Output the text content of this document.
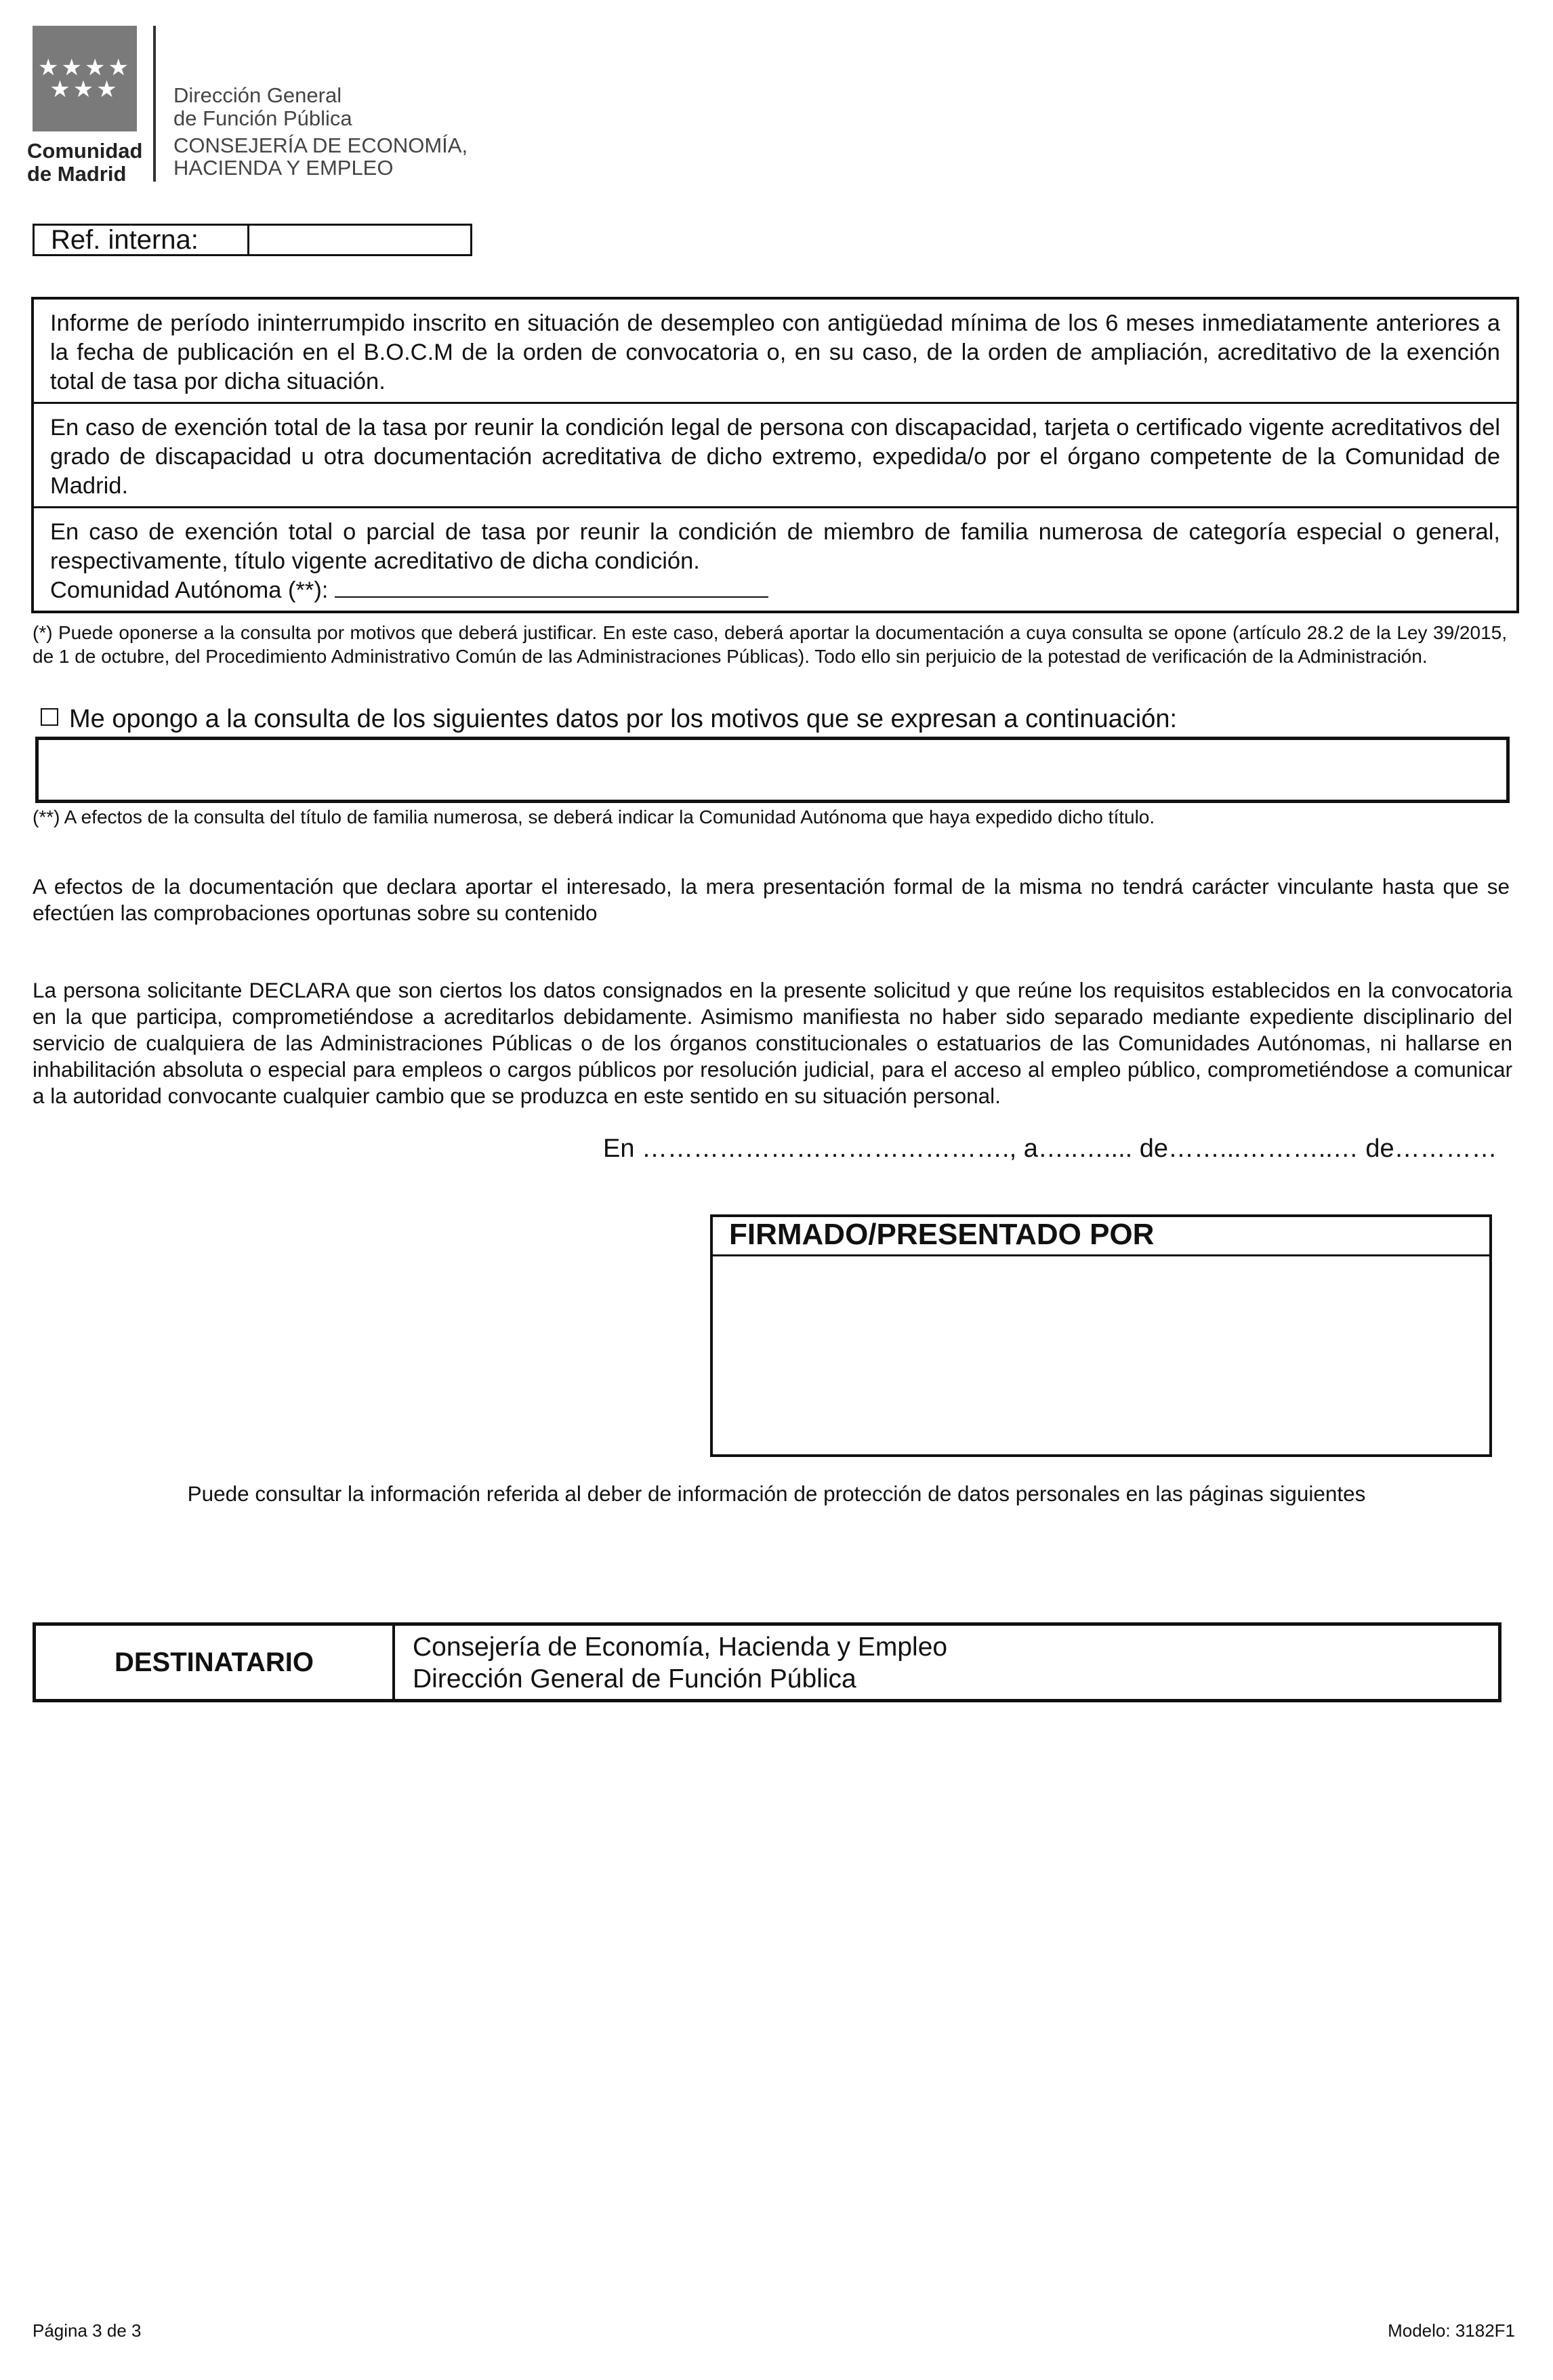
★★★★
★★★
Comunidad
de Madrid
Dirección General
de Función Pública
CONSEJERÍA DE ECONOMÍA,
HACIENDA Y EMPLEO
Ref. interna:
Informe de período ininterrumpido inscrito en situación de desempleo con antigüedad mínima de los 6 meses inmediatamente anteriores a la fecha de publicación en el B.O.C.M de la orden de convocatoria o, en su caso, de la orden de ampliación, acreditativo de la exención total de tasa por dicha situación.
En caso de exención total de la tasa por reunir la condición legal de persona con discapacidad, tarjeta o certificado vigente acreditativos del grado de discapacidad u otra documentación acreditativa de dicho extremo, expedida/o por el órgano competente de la Comunidad de Madrid.
En caso de exención total o parcial de tasa por reunir la condición de miembro de familia numerosa de categoría especial o general, respectivamente, título vigente acreditativo de dicha condición.
Comunidad Autónoma (**):
(*) Puede oponerse a la consulta por motivos que deberá justificar. En este caso, deberá aportar la documentación a cuya consulta se opone (artículo 28.2 de la Ley 39/2015, de 1 de octubre, del Procedimiento Administrativo Común de las Administraciones Públicas). Todo ello sin perjuicio de la potestad de verificación de la Administración.
Me opongo a la consulta de los siguientes datos por los motivos que se expresan a continuación:
(**) A efectos de la consulta del título de familia numerosa, se deberá indicar la Comunidad Autónoma que haya expedido dicho título.
A efectos de la documentación que declara aportar el interesado, la mera presentación formal de la misma no tendrá carácter vinculante hasta que se efectúen las comprobaciones oportunas sobre su contenido
La persona solicitante DECLARA que son ciertos los datos consignados en la presente solicitud y que reúne los requisitos establecidos en la convocatoria en la que participa, comprometiéndose a acreditarlos debidamente. Asimismo manifiesta no haber sido separado mediante expediente disciplinario del servicio de cualquiera de las Administraciones Públicas o de los órganos constitucionales o estatuarios de las Comunidades Autónomas, ni hallarse en inhabilitación absoluta o especial para empleos o cargos públicos por resolución judicial, para el acceso al empleo público, comprometiéndose a comunicar a la autoridad convocante cualquier cambio que se produzca en este sentido en su situación personal.
En ……………………………………., a…..….... de……...………..… de…………
FIRMADO/PRESENTADO POR
Puede consultar la información referida al deber de información de protección de datos personales en las páginas siguientes
DESTINATARIO	Consejería de Economía, Hacienda y Empleo
Dirección General de Función Pública
Página 3 de 3	Modelo: 3182F1
